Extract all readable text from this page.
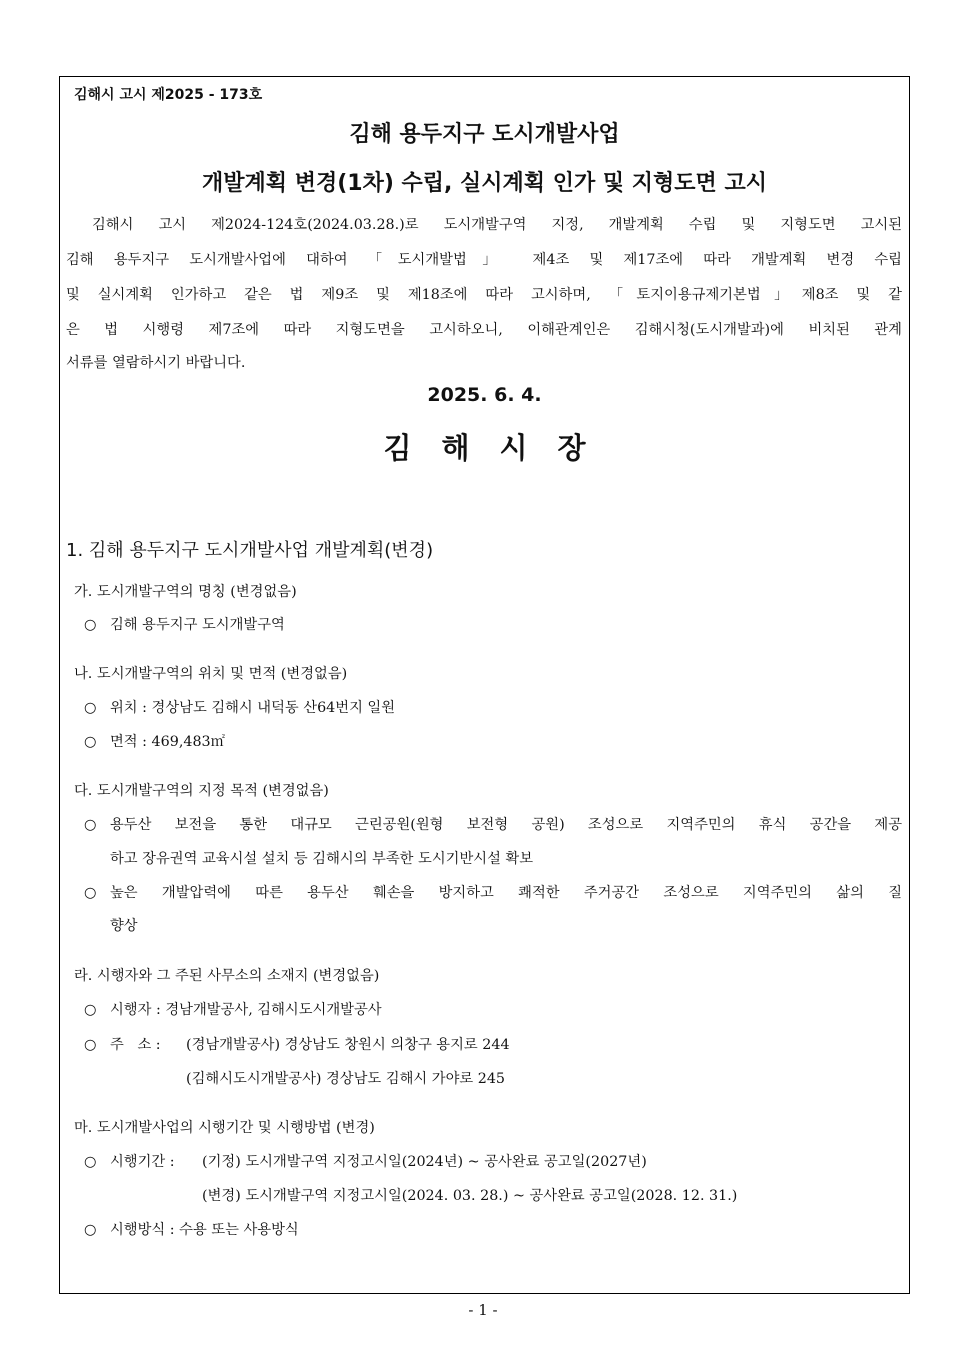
김해시 고시 제2025 - 173호
김해 용두지구 도시개발사업
개발계획 변경(1차) 수립, 실시계획 인가 및 지형도면 고시
김해시 고시 제2024-124호(2024.03.28.)로 도시개발구역 지정, 개발계획 수립 및 지형도면 고시된
김해 용두지구 도시개발사업에 대하여 「도시개발법」 제4조 및 제17조에 따라 개발계획 변경 수립
및 실시계획 인가하고 같은 법 제9조 및 제18조에 따라 고시하며, 「토지이용규제기본법」제8조 및 같
은 법 시행령 제7조에 따라 지형도면을 고시하오니, 이해관계인은 김해시청(도시개발과)에 비치된 관계
서류를 열람하시기 바랍니다.
2025. 6. 4.
김해시장
1. 김해 용두지구 도시개발사업 개발계획(변경)
가. 도시개발구역의 명칭 (변경없음)
○ 김해 용두지구 도시개발구역
나. 도시개발구역의 위치 및 면적 (변경없음)
○ 위치 : 경상남도 김해시 내덕동 산64번지 일원
○ 면적 : 469,483㎡
다. 도시개발구역의 지정 목적 (변경없음)
○ 용두산 보전을 통한 대규모 근린공원(원형 보전형 공원) 조성으로 지역주민의 휴식 공간을 제공
하고 장유권역 교육시설 설치 등 김해시의 부족한 도시기반시설 확보
○ 높은 개발압력에 따른 용두산 훼손을 방지하고 쾌적한 주거공간 조성으로 지역주민의 삶의 질
향상
라. 시행자와 그 주된 사무소의 소재지 (변경없음)
○ 시행자 : 경남개발공사, 김해시도시개발공사
○ 주   소 : (경남개발공사) 경상남도 창원시 의창구 용지로 244
(김해시도시개발공사) 경상남도 김해시 가야로 245
마. 도시개발사업의 시행기간 및 시행방법 (변경)
○ 시행기간 : (기정) 도시개발구역 지정고시일(2024년) ~ 공사완료 공고일(2027년)
(변경) 도시개발구역 지정고시일(2024. 03. 28.) ~ 공사완료 공고일(2028. 12. 31.)
○ 시행방식 : 수용 또는 사용방식
- 1 -
